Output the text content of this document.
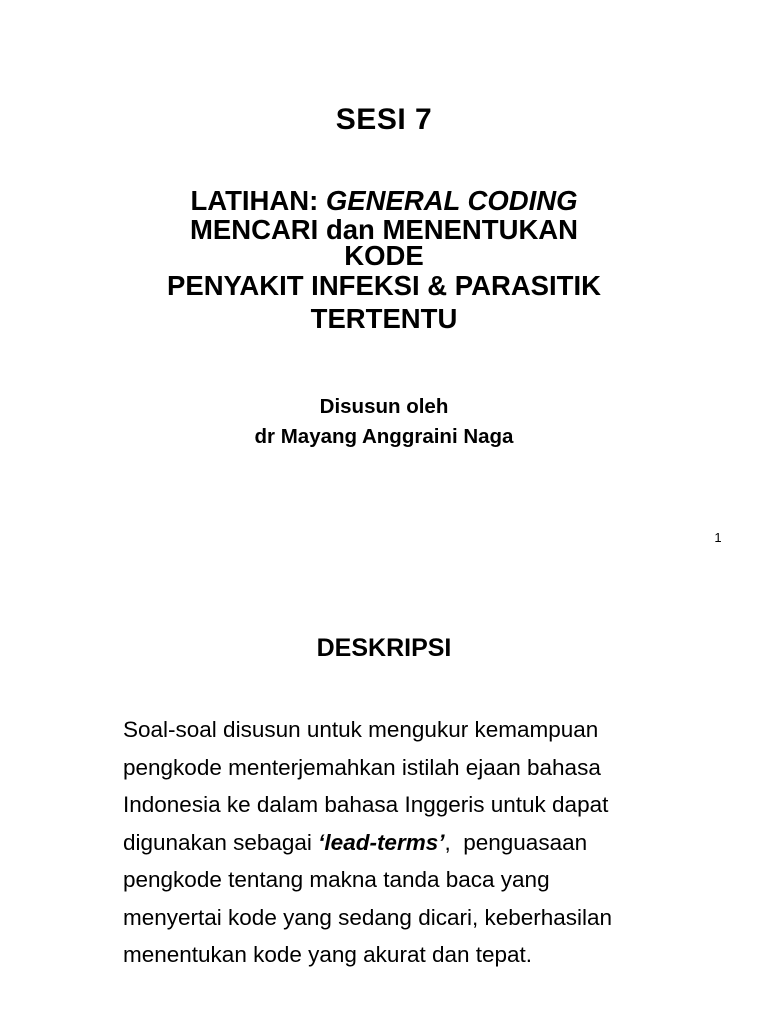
SESI 7
LATIHAN: GENERAL CODING
MENCARI dan MENENTUKAN
KODE
PENYAKIT INFEKSI & PARASITIK
TERTENTU
Disusun oleh
dr Mayang Anggraini Naga
1
DESKRIPSI
Soal-soal disusun untuk mengukur kemampuan
pengkode menterjemahkan istilah ejaan bahasa
Indonesia ke dalam bahasa Inggeris untuk dapat
digunakan sebagai ‘lead-terms’,  penguasaan
pengkode tentang makna tanda baca yang
menyertai kode yang sedang dicari, keberhasilan
menentukan kode yang akurat dan tepat.
